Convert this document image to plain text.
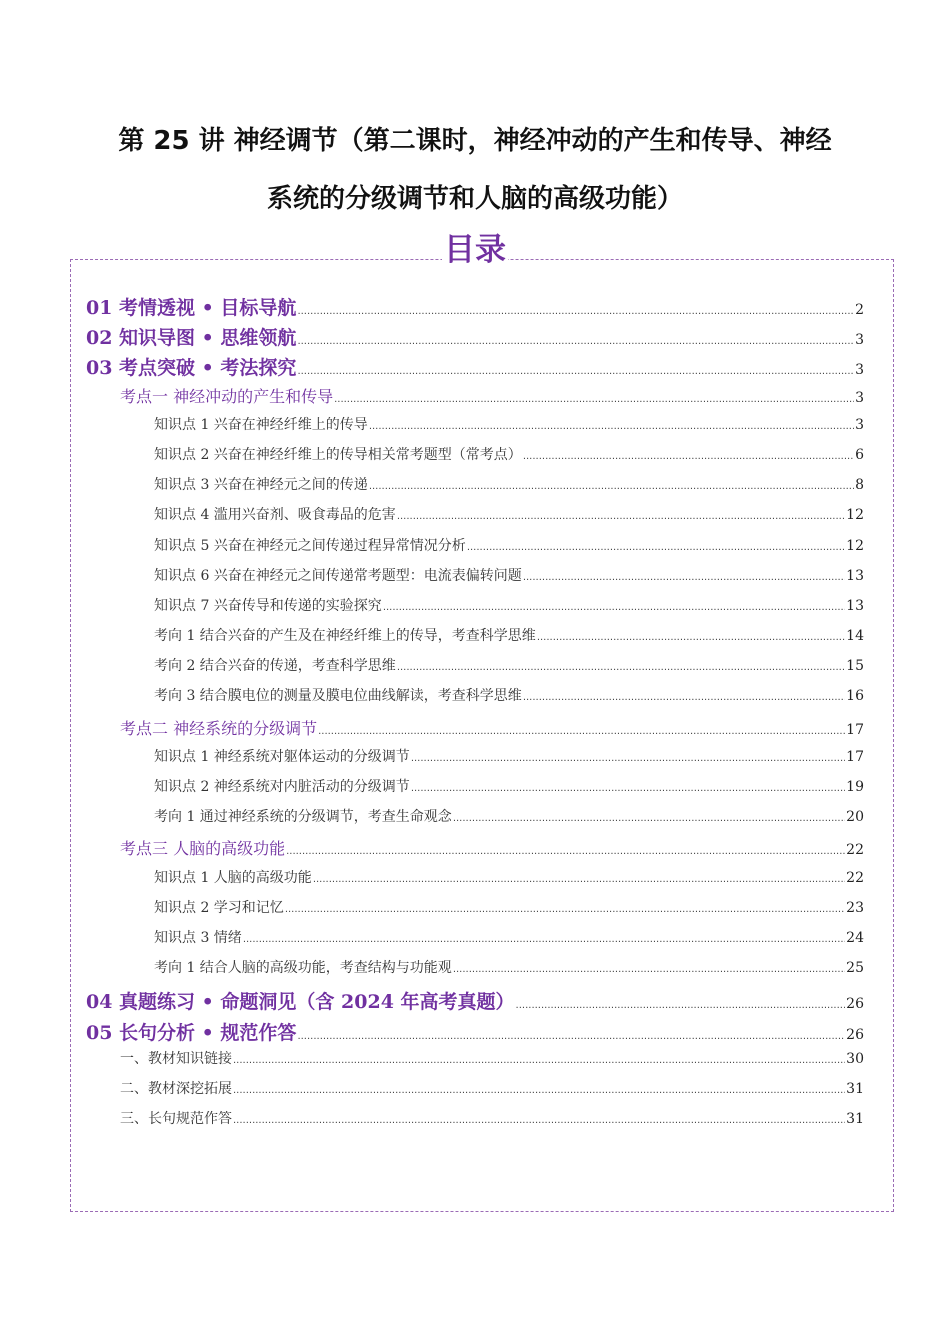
第 25 讲 神经调节（第二课时，神经冲动的产生和传导、神经
系统的分级调节和人脑的高级功能）
目录
01 考情透视 • 目标导航 .....	2
02 知识导图 • 思维领航 .....	3
03 考点突破 • 考法探究 .....	3
考点一 神经冲动的产生和传导 .....	3
知识点 1 兴奋在神经纤维上的传导 .....	3
知识点 2 兴奋在神经纤维上的传导相关常考题型（常考点） .....	6
知识点 3 兴奋在神经元之间的传递 .....	8
知识点 4 滥用兴奋剂、吸食毒品的危害 .....	12
知识点 5 兴奋在神经元之间传递过程异常情况分析 .....	12
知识点 6 兴奋在神经元之间传递常考题型：电流表偏转问题 .....	13
知识点 7 兴奋传导和传递的实验探究 .....	13
考向 1 结合兴奋的产生及在神经纤维上的传导，考查科学思维 .....	14
考向 2 结合兴奋的传递，考查科学思维 .....	15
考向 3 结合膜电位的测量及膜电位曲线解读，考查科学思维 .....	16
考点二 神经系统的分级调节 .....	17
知识点 1 神经系统对躯体运动的分级调节 .....	17
知识点 2 神经系统对内脏活动的分级调节 .....	19
考向 1 通过神经系统的分级调节，考查生命观念 .....	20
考点三 人脑的高级功能 .....	22
知识点 1 人脑的高级功能 .....	22
知识点 2 学习和记忆 .....	23
知识点 3 情绪 .....	24
考向 1 结合人脑的高级功能，考查结构与功能观 .....	25
04 真题练习 • 命题洞见（含 2024 年高考真题） .....	26
05 长句分析 • 规范作答 .....	26
一、教材知识链接 .....	30
二、教材深挖拓展 .....	31
三、长句规范作答 .....	31
